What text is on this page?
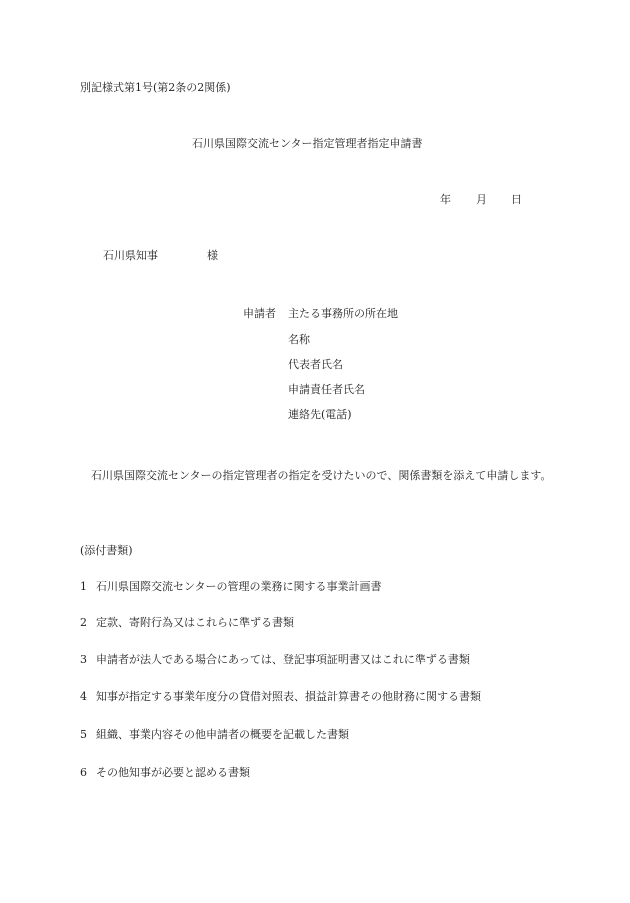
別記様式第1号(第2条の2関係)
石川県国際交流センター指定管理者指定申請書
年 月 日
石川県知事	様
申請者 主たる事務所の所在地
名称
代表者氏名
申請責任者氏名
連絡先(電話)
石川県国際交流センターの指定管理者の指定を受けたいので、関係書類を添えて申請します。
(添付書類)
1 石川県国際交流センターの管理の業務に関する事業計画書
2 定款、寄附行為又はこれらに準ずる書類
3 申請者が法人である場合にあっては、登記事項証明書又はこれに準ずる書類
4 知事が指定する事業年度分の貸借対照表、損益計算書その他財務に関する書類
5 組織、事業内容その他申請者の概要を記載した書類
6 その他知事が必要と認める書類
